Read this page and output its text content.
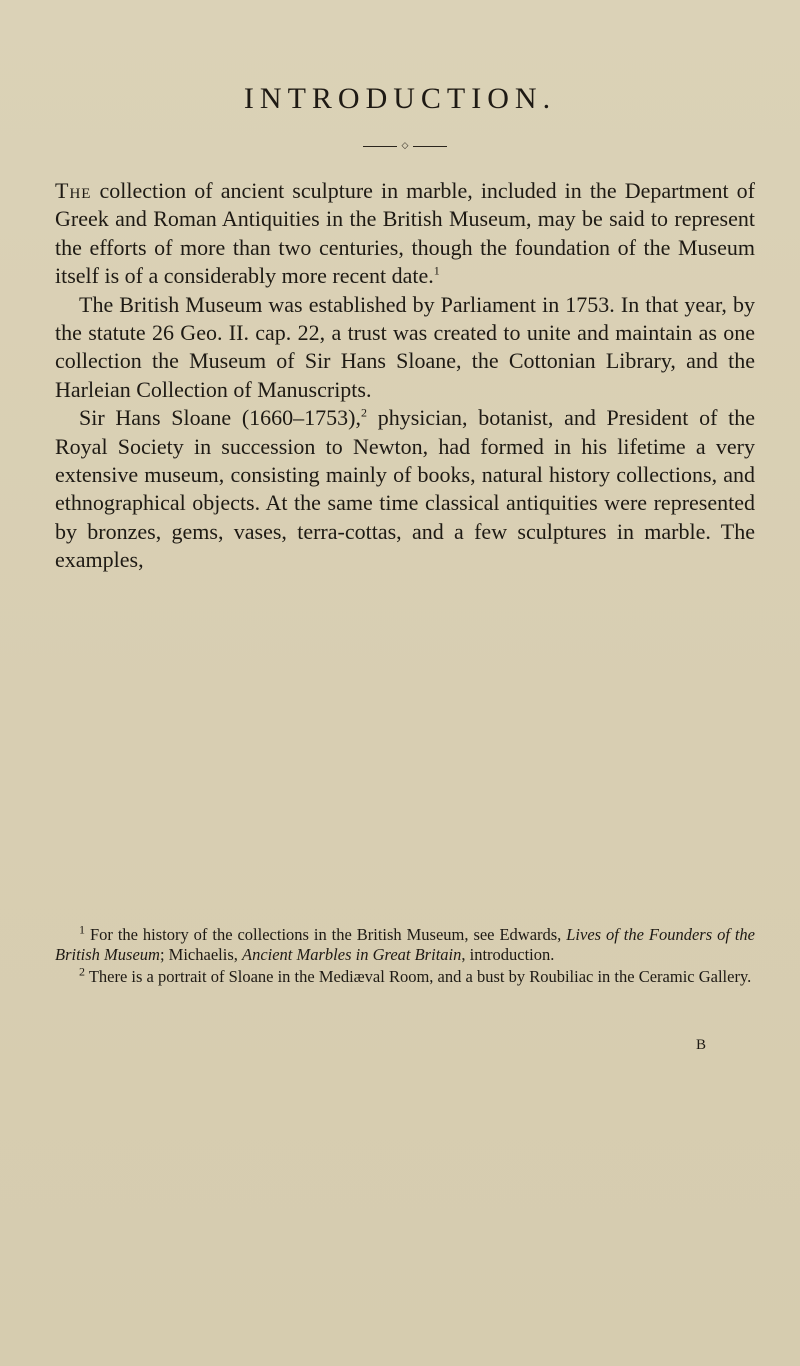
INTRODUCTION.
◇

The collection of ancient sculpture in marble, included in the Department of Greek and Roman Antiquities in the British Museum, may be said to represent the efforts of more than two centuries, though the foundation of the Museum itself is of a considerably more recent date.$^1$

The British Museum was established by Parliament in 1753. In that year, by the statute 26 Geo. II. cap. 22, a trust was created to unite and maintain as one collection the Museum of Sir Hans Sloane, the Cottonian Library, and the Harleian Collection of Manuscripts.

Sir Hans Sloane (1660–1753),$^2$ physician, botanist, and President of the Royal Society in succession to Newton, had formed in his lifetime a very extensive museum, consisting mainly of books, natural history collections, and ethnographical objects. At the same time classical antiquities were represented by bronzes, gems, vases, terra-cottas, and a few sculptures in marble. The examples,

$^1$ For the history of the collections in the British Museum, see Edwards, Lives of the Founders of the British Museum; Michaelis, Ancient Marbles in Great Britain, introduction.

$^2$ There is a portrait of Sloane in the Mediæval Room, and a bust by Roubiliac in the Ceramic Gallery.

B
